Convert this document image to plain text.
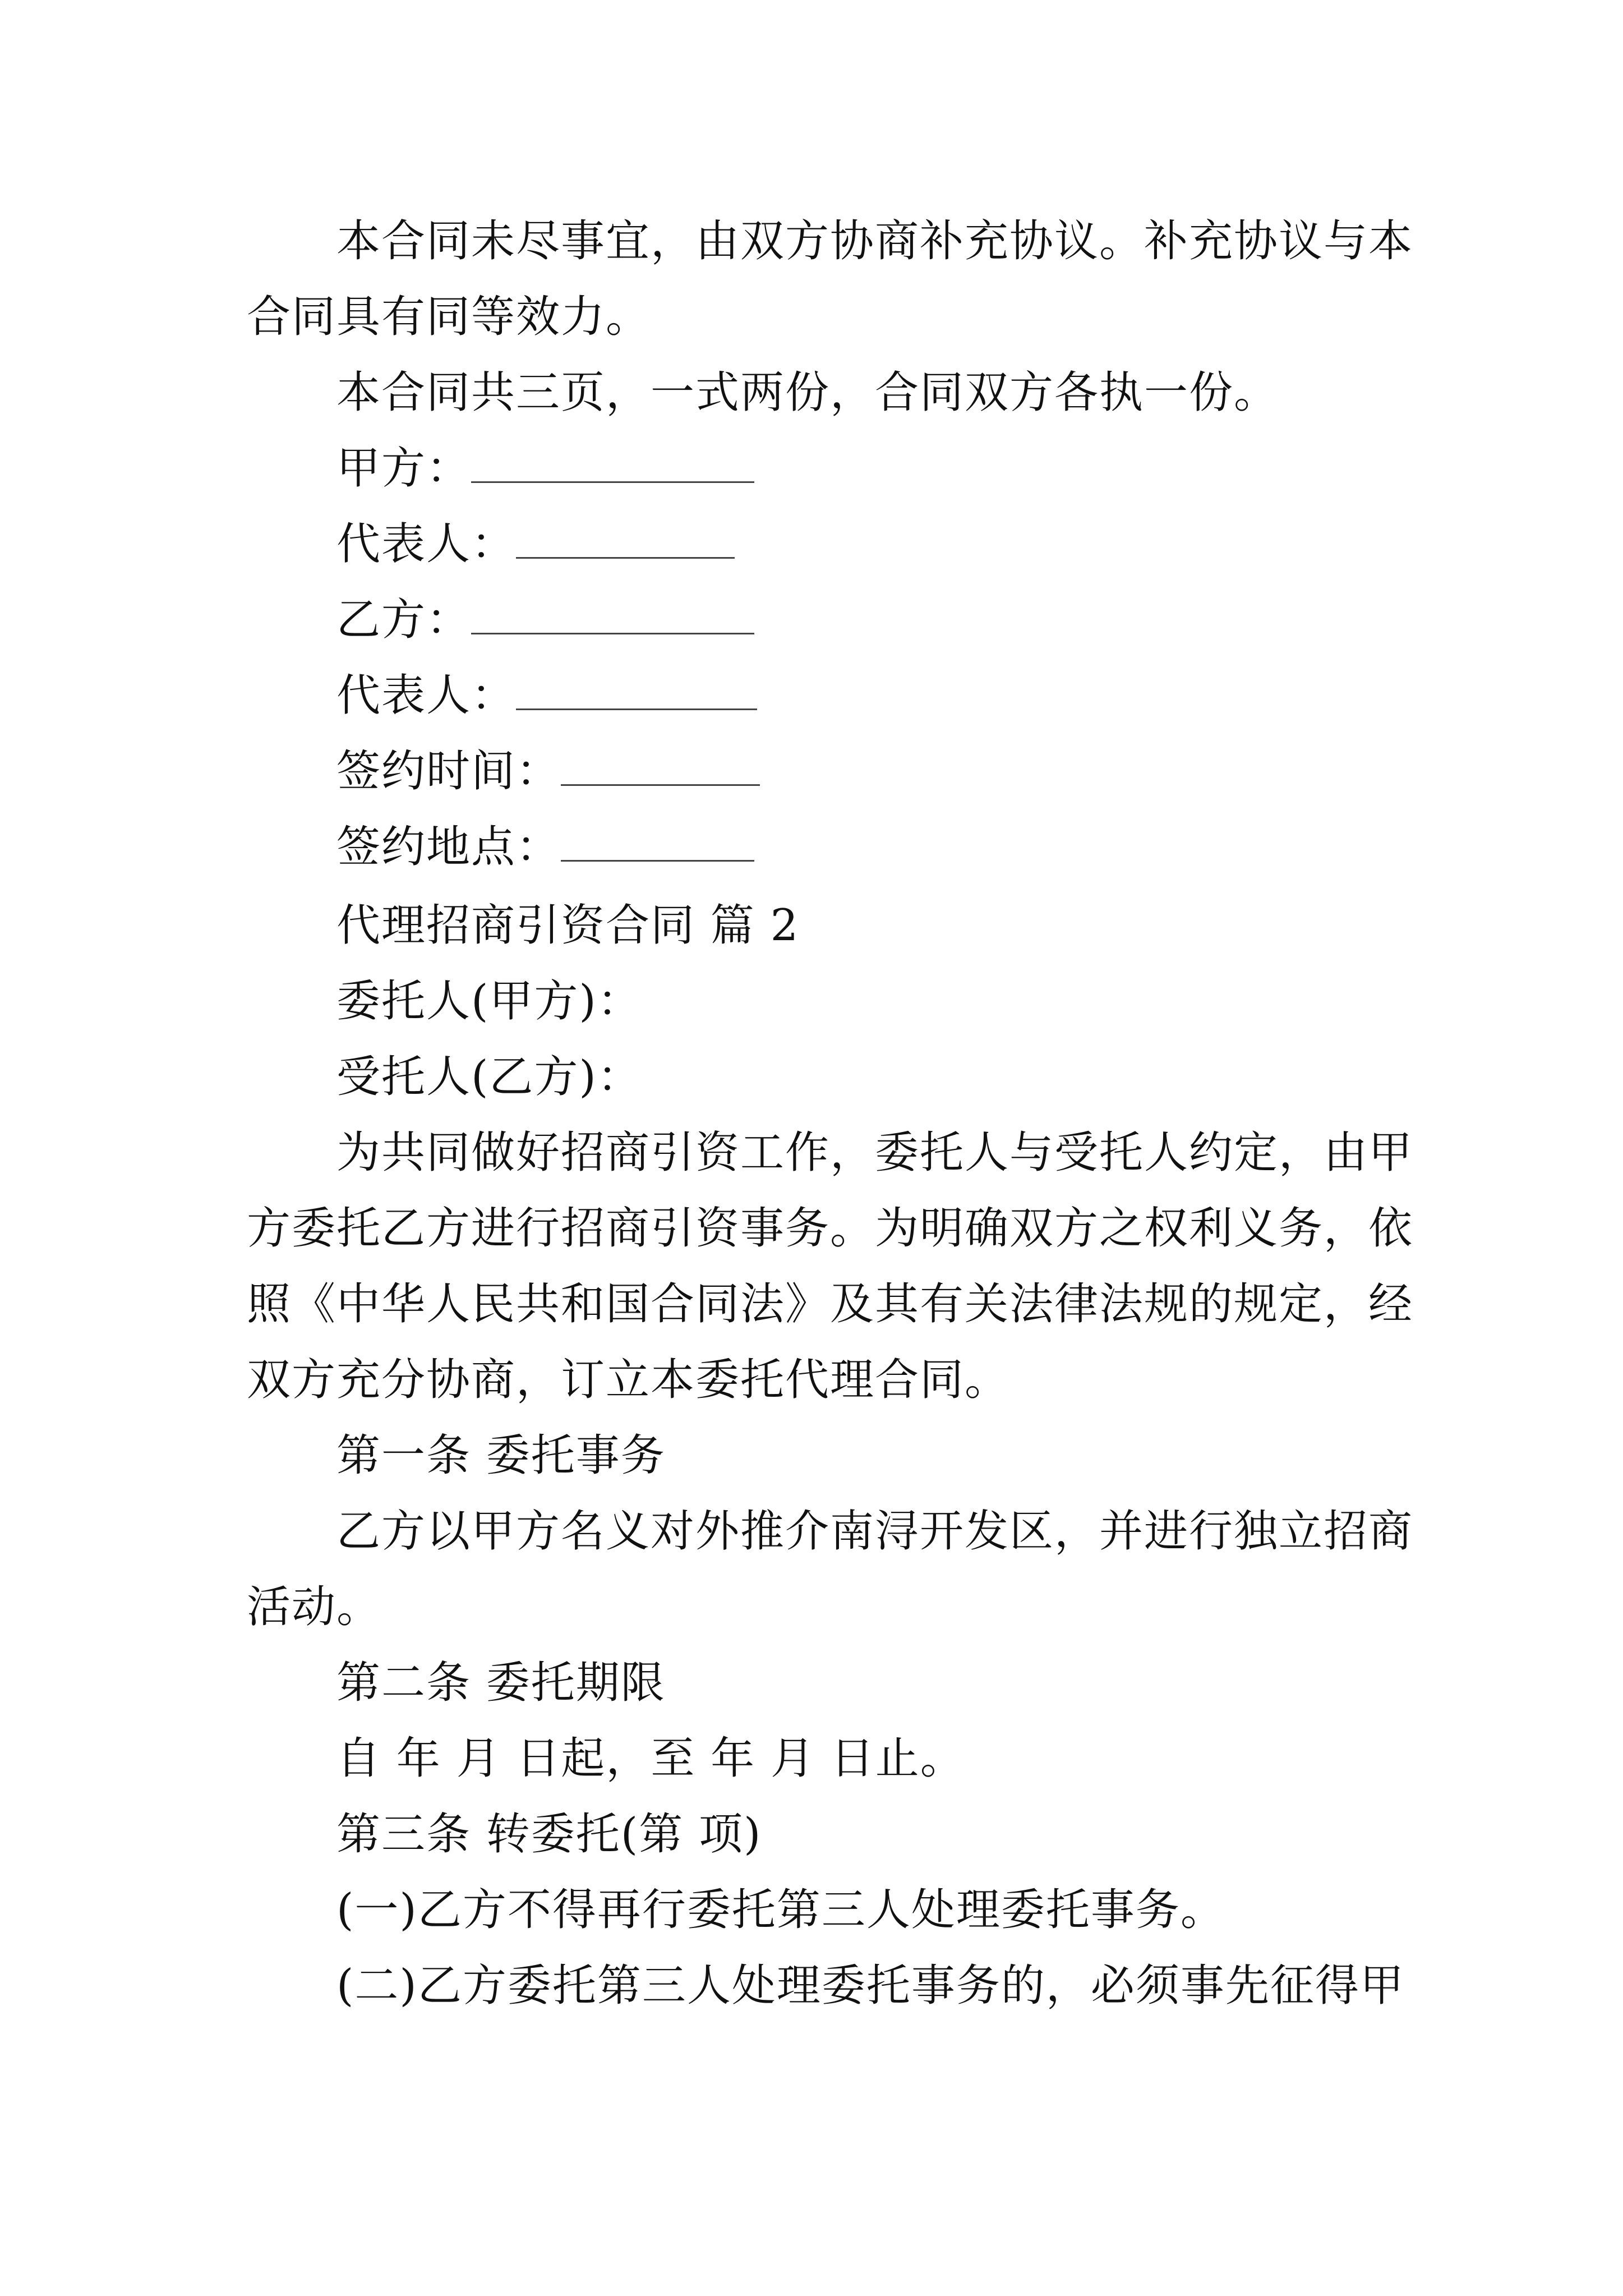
本合同未尽事宜，由双方协商补充协议。补充协议与本
合同具有同等效力。
本合同共三页，一式两份，合同双方各执一份。
甲方：
代表人：
乙方：
代表人：
签约时间：
签约地点：
代理招商引资合同 篇 2
委托人(甲方)：
受托人(乙方)：
为共同做好招商引资工作，委托人与受托人约定，由甲
方委托乙方进行招商引资事务。为明确双方之权利义务，依
照《中华人民共和国合同法》及其有关法律法规的规定，经
双方充分协商，订立本委托代理合同。
第一条 委托事务
乙方以甲方名义对外推介南浔开发区，并进行独立招商
活动。
第二条 委托期限
自 年 月 日起，至 年 月 日止。
第三条 转委托(第 项)
(一)乙方不得再行委托第三人处理委托事务。
(二)乙方委托第三人处理委托事务的，必须事先征得甲
